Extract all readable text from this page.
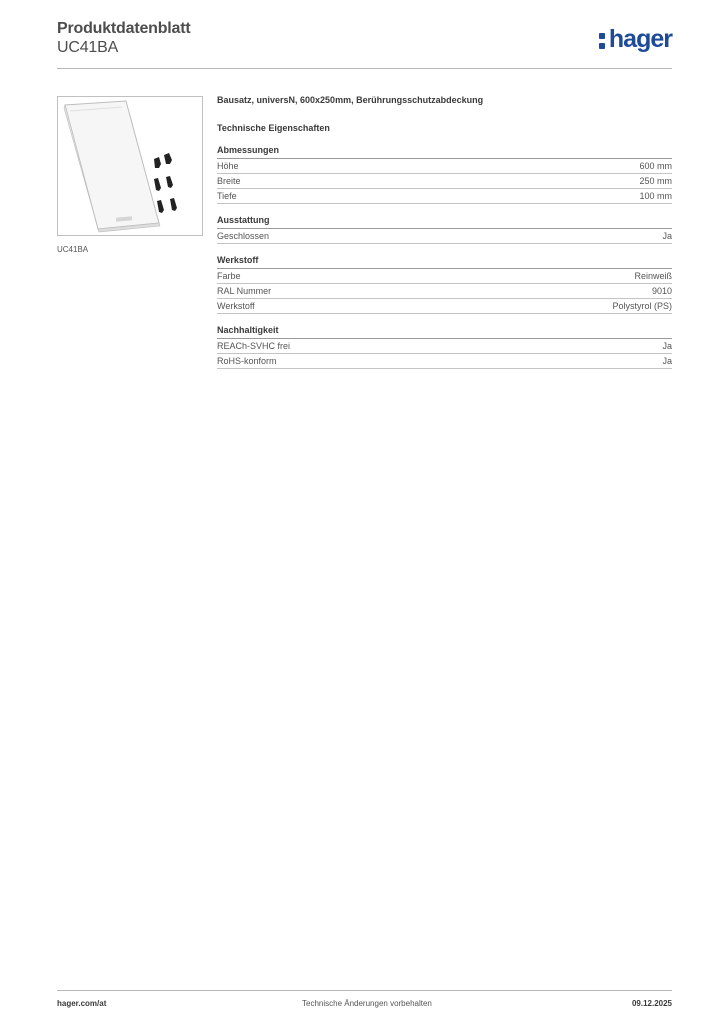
Produktdatenblatt
UC41BA	hager
UC41BA
Bausatz, universN, 600x250mm, Berührungsschutzabdeckung
Technische Eigenschaften
Abmessungen
Höhe	600 mm
Breite	250 mm
Tiefe	100 mm
Ausstattung
Geschlossen	Ja
Werkstoff
Farbe	Reinweiß
RAL Nummer	9010
Werkstoff	Polystyrol (PS)
Nachhaltigkeit
REACh-SVHC frei	Ja
RoHS-konform	Ja
hager.com/at	Technische Änderungen vorbehalten	09.12.2025
